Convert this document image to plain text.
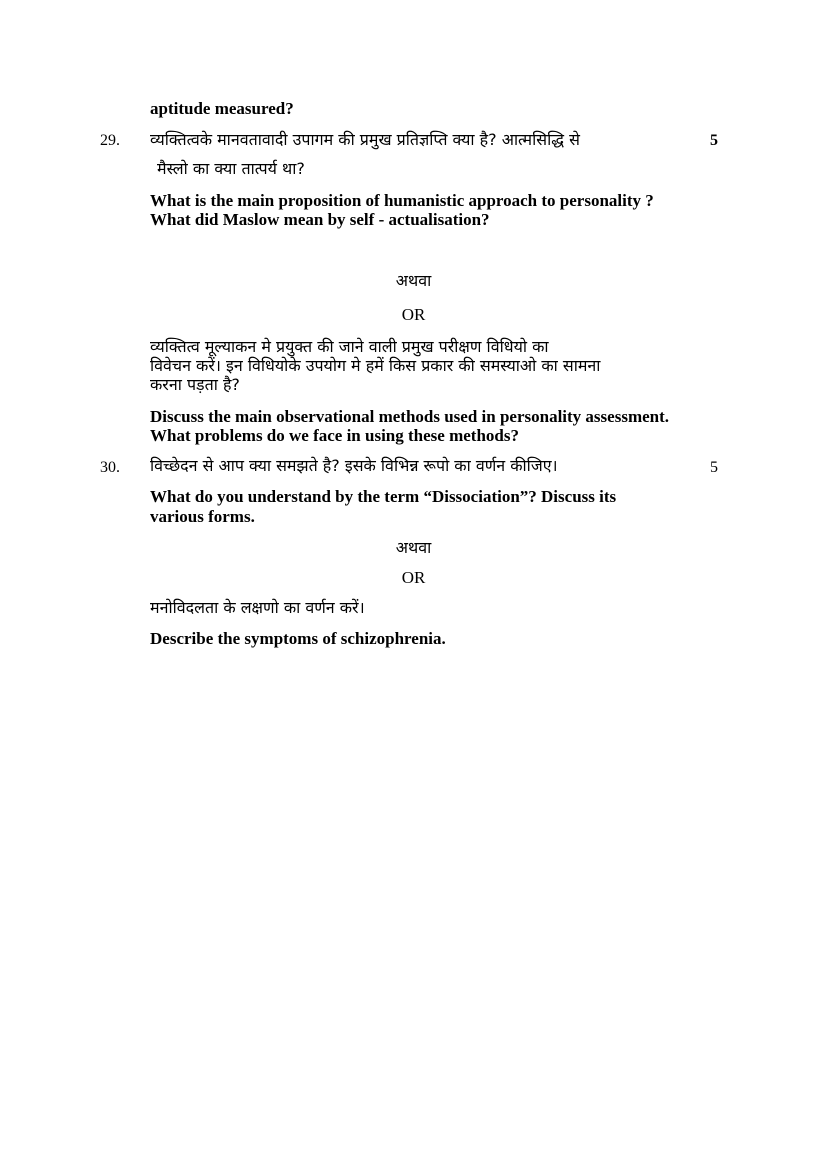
aptitude measured?
29. व्यक्तित्वके मानवतावादी उपागम की प्रमुख प्रतिज्ञप्ति क्या है? आत्मसिद्धि से	5
मैस्लो का क्या तात्पर्य था?
What is the main proposition of humanistic approach to personality ?
What did Maslow mean by self - actualisation?
अथवा
OR
व्यक्तित्व मूल्याकन मे प्रयुक्त की जाने वाली प्रमुख परीक्षण विधियो का
विवेचन करें। इन विधियोके उपयोग मे हमें किस प्रकार की समस्याओ का सामना
करना पड़ता है?
Discuss the main observational methods used in personality assessment.
What problems do we face in using these methods?
30. विच्छेदन से आप क्या समझते है? इसके विभिन्न रूपो का वर्णन कीजिए।	5
What do you understand by the term “Dissociation”? Discuss its
various forms.
अथवा
OR
मनोविदलता के लक्षणो का वर्णन करें।
Describe the symptoms of schizophrenia.
